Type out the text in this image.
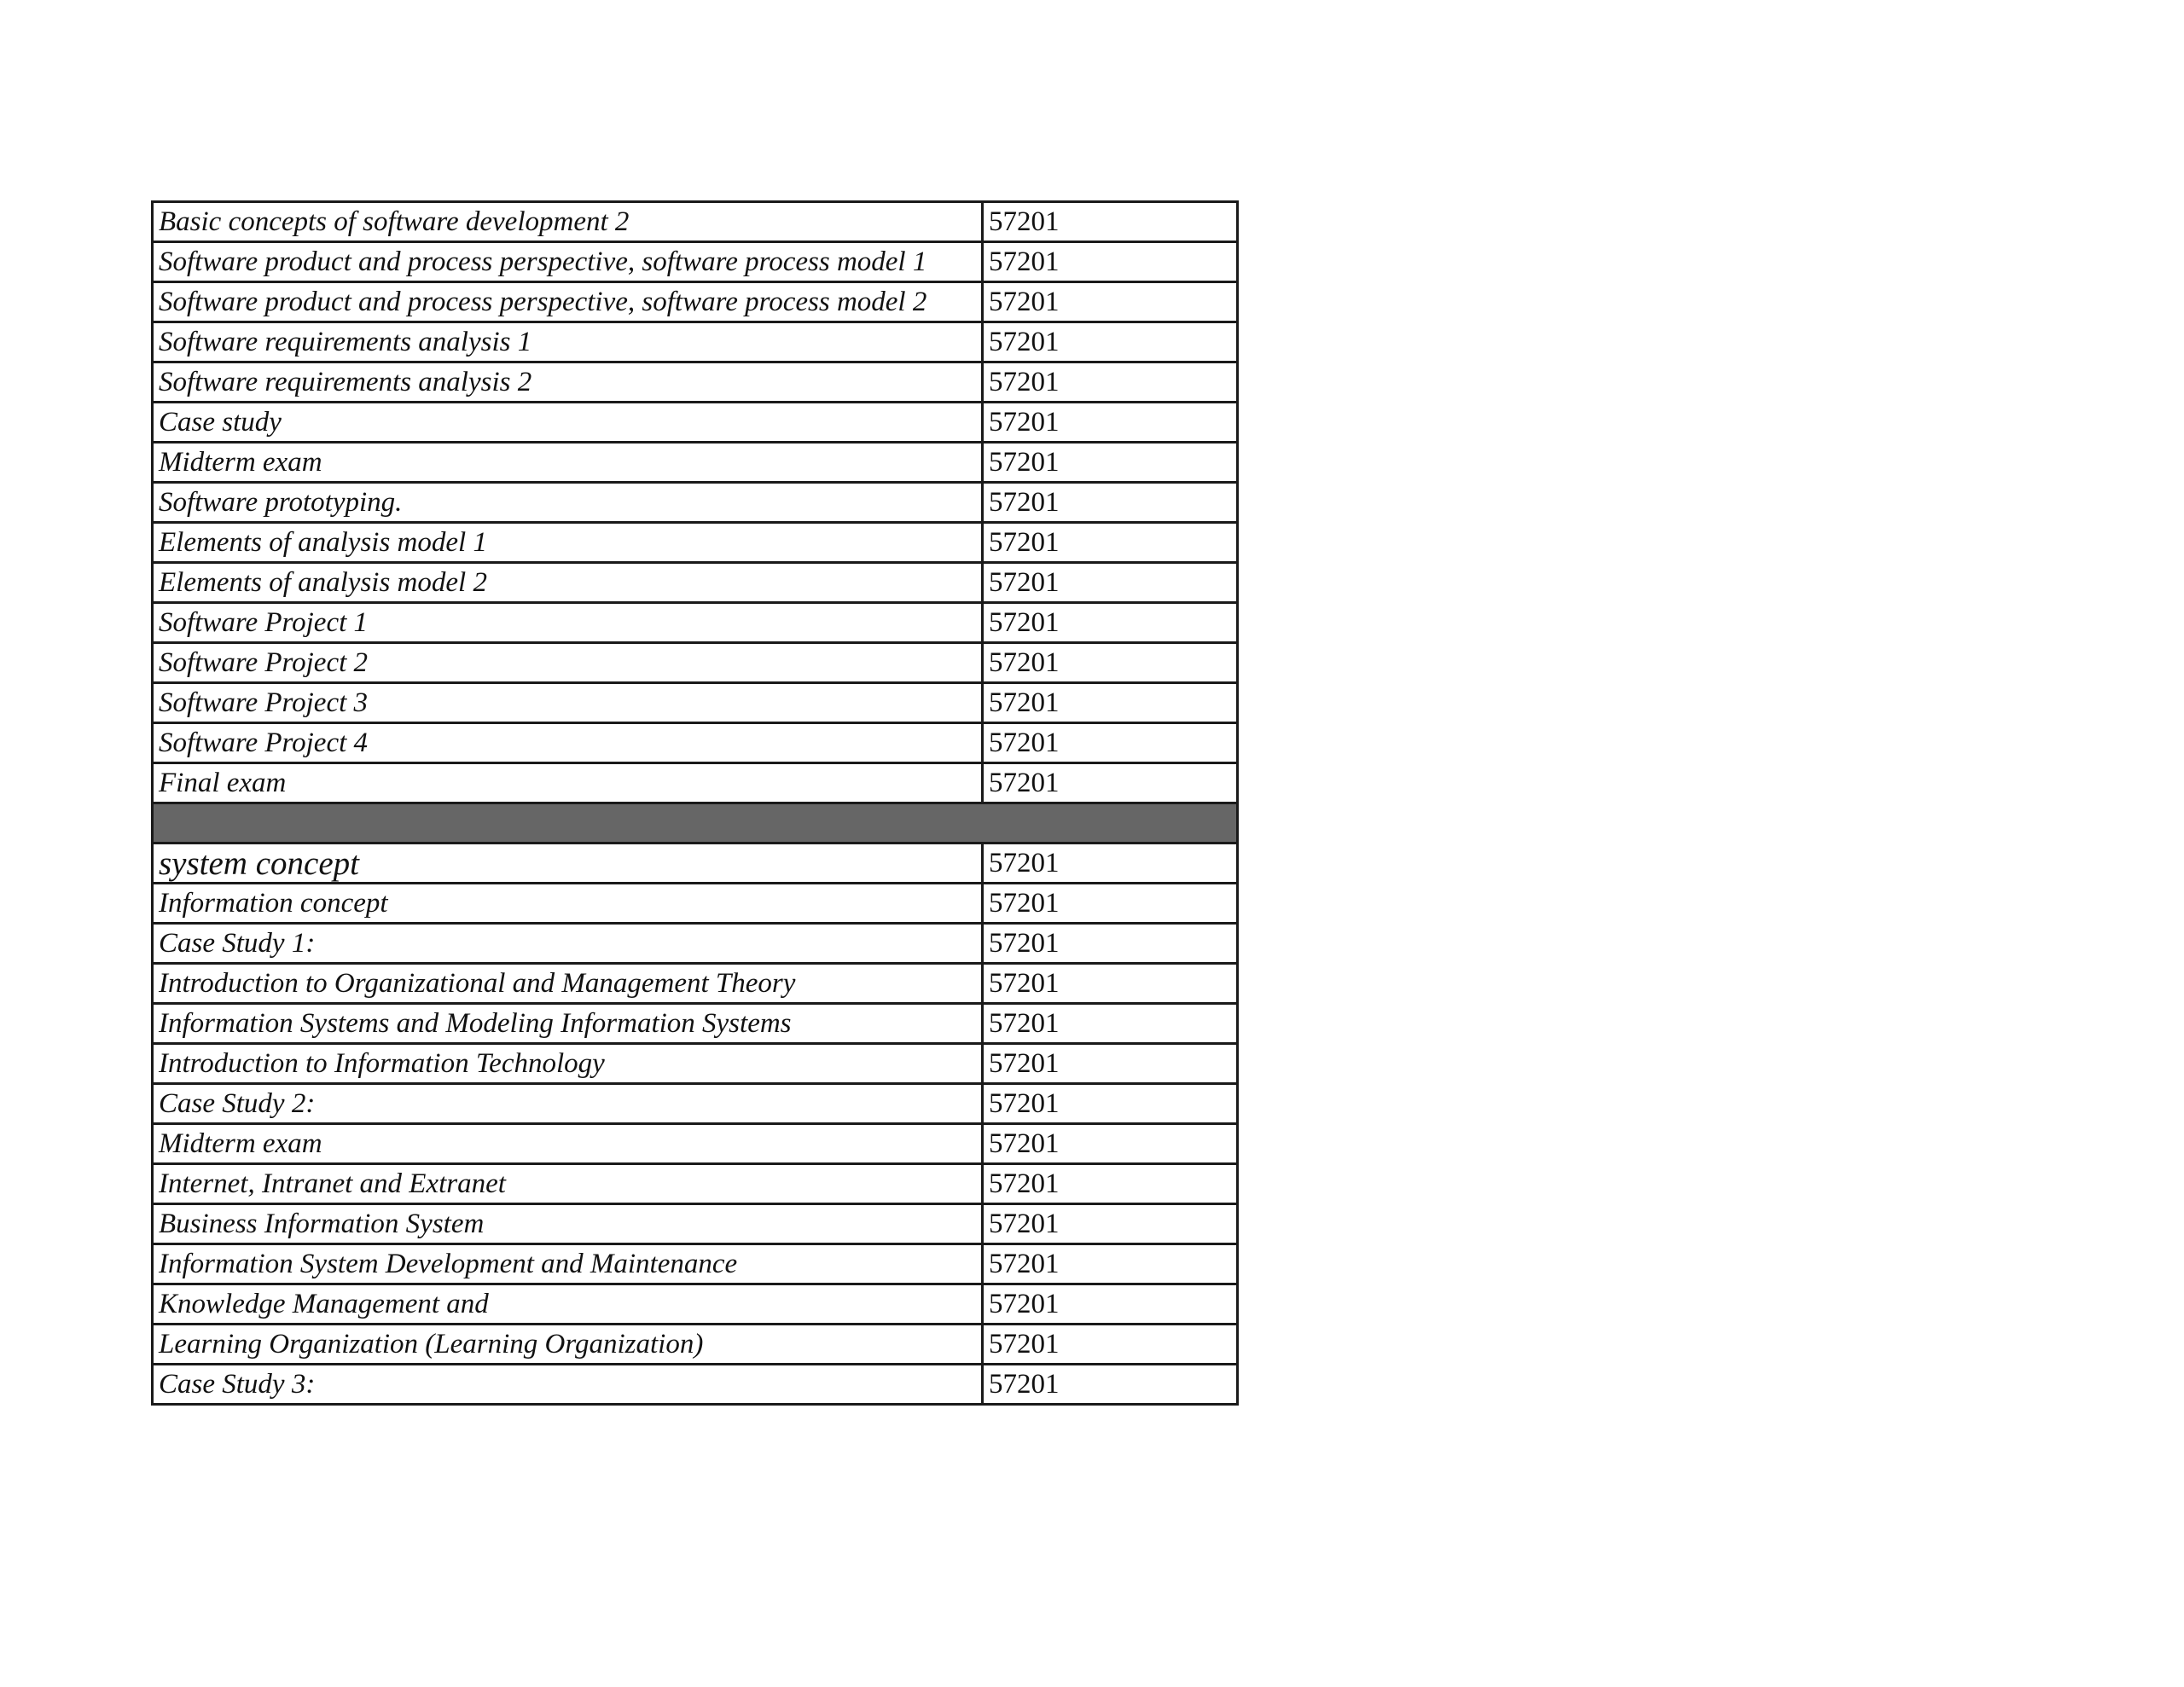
Basic concepts of software development 2	57201
Software product and process perspective, software process model 1	57201
Software product and process perspective, software process model 2	57201
Software requirements analysis 1	57201
Software requirements analysis 2	57201
Case study	57201
Midterm exam	57201
Software prototyping.	57201
Elements of analysis model 1	57201
Elements of analysis model 2	57201
Software Project 1	57201
Software Project 2	57201
Software Project 3	57201
Software Project 4	57201
Final exam	57201

system concept	57201
Information concept	57201
Case Study 1:	57201
Introduction to Organizational and Management Theory	57201
Information Systems and Modeling Information Systems	57201
Introduction to Information Technology	57201
Case Study 2:	57201
Midterm exam	57201
Internet, Intranet and Extranet	57201
Business Information System	57201
Information System Development and Maintenance	57201
Knowledge Management and	57201
Learning Organization (Learning Organization)	57201
Case Study 3:	57201
